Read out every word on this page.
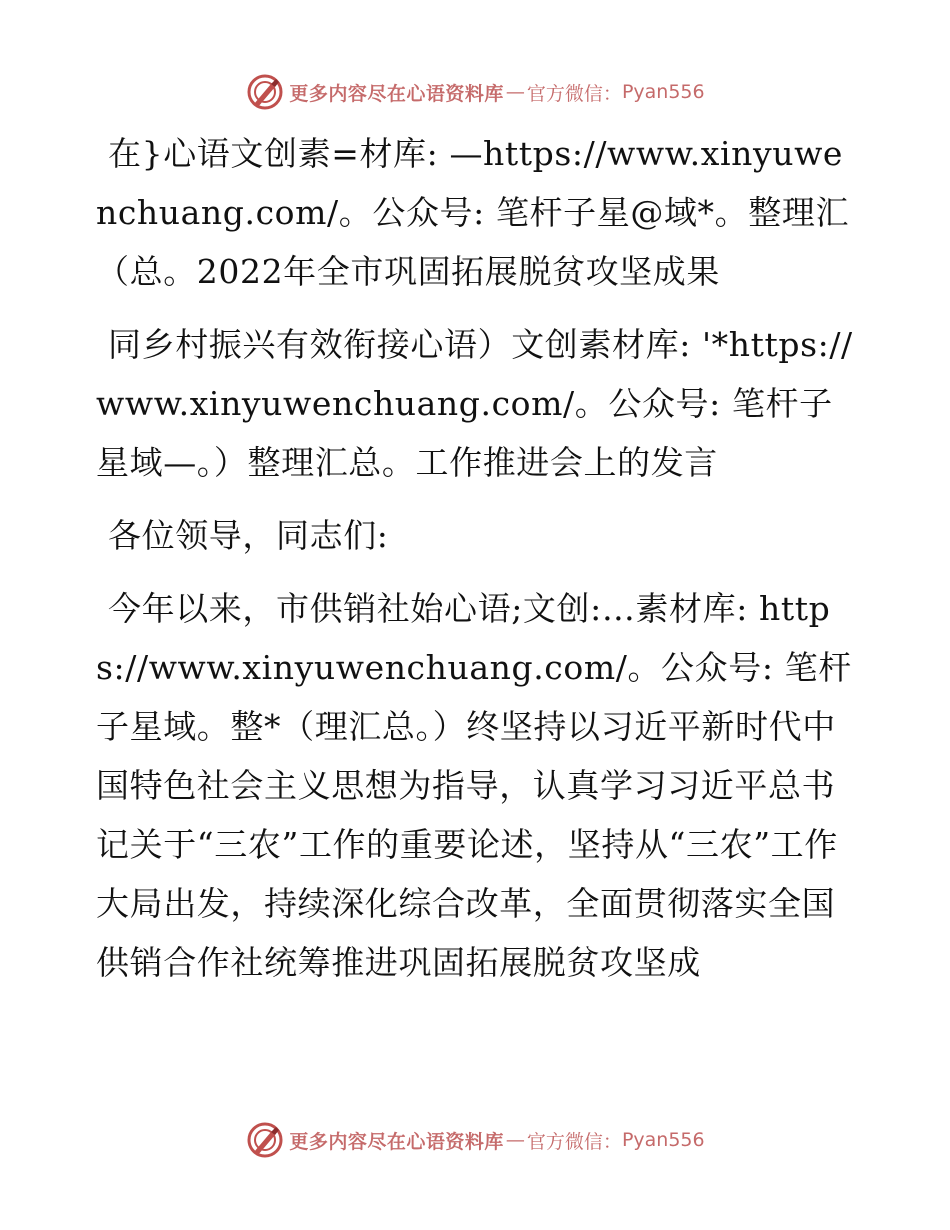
更多内容尽在心语资料库 — 官方微信： Pyan556

在}心语文创素=材库: —https://www.xinyuwenchuang.com/。公众号: 笔杆子星@域*。整理汇（总。2022年全市巩固拓展脱贫攻坚成果

同乡村振兴有效衔接心语）文创素材库: '*https://www.xinyuwenchuang.com/。公众号: 笔杆子星域—。）整理汇总。工作推进会上的发言

各位领导，同志们:

今年以来，市供销社始心语;文创:…素材库: https://www.xinyuwenchuang.com/。公众号: 笔杆子星域。整*（理汇总。）终坚持以习近平新时代中国特色社会主义思想为指导，认真学习习近平总书记关于“三农”工作的重要论述，坚持从“三农”工作大局出发，持续深化综合改革，全面贯彻落实全国供销合作社统筹推进巩固拓展脱贫攻坚成

更多内容尽在心语资料库 — 官方微信： Pyan556
